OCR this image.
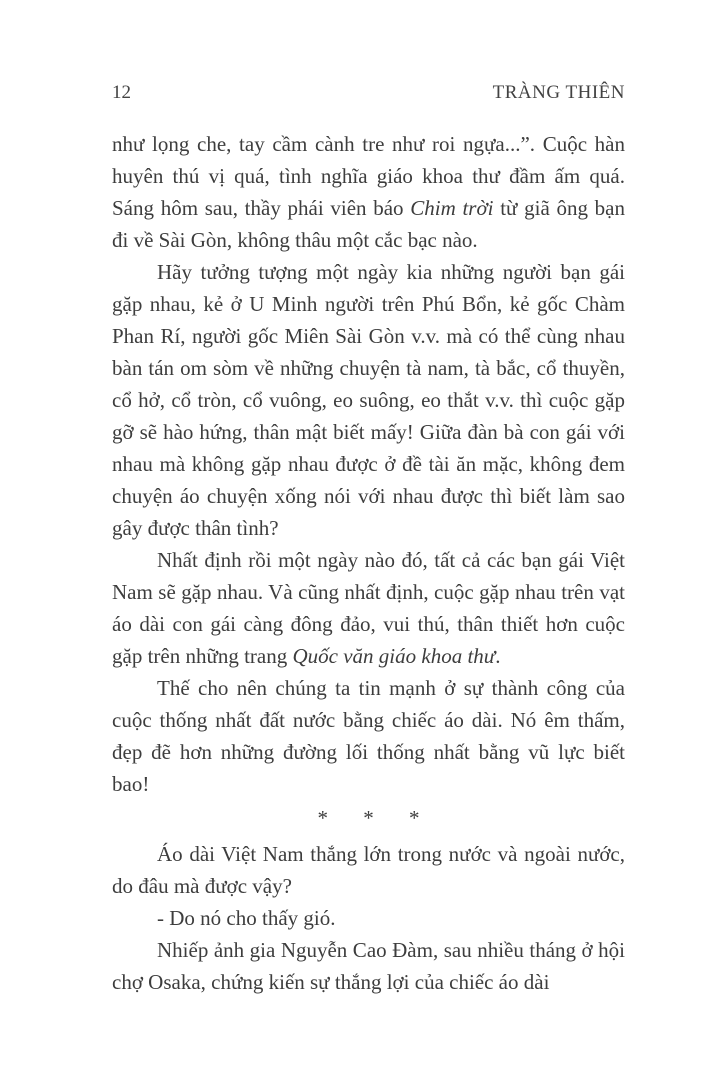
12	TRÀNG THIÊN

như lọng che, tay cầm cành tre như roi ngựa...”. Cuộc hàn huyên thú vị quá, tình nghĩa giáo khoa thư đầm ấm quá. Sáng hôm sau, thầy phái viên báo Chim trời từ giã ông bạn đi về Sài Gòn, không thâu một cắc bạc nào.

Hãy tưởng tượng một ngày kia những người bạn gái gặp nhau, kẻ ở U Minh người trên Phú Bổn, kẻ gốc Chàm Phan Rí, người gốc Miên Sài Gòn v.v. mà có thể cùng nhau bàn tán om sòm về những chuyện tà nam, tà bắc, cổ thuyền, cổ hở, cổ tròn, cổ vuông, eo suông, eo thắt v.v. thì cuộc gặp gỡ sẽ hào hứng, thân mật biết mấy! Giữa đàn bà con gái với nhau mà không gặp nhau được ở đề tài ăn mặc, không đem chuyện áo chuyện xống nói với nhau được thì biết làm sao gây được thân tình?

Nhất định rồi một ngày nào đó, tất cả các bạn gái Việt Nam sẽ gặp nhau. Và cũng nhất định, cuộc gặp nhau trên vạt áo dài con gái càng đông đảo, vui thú, thân thiết hơn cuộc gặp trên những trang Quốc văn giáo khoa thư.

Thế cho nên chúng ta tin mạnh ở sự thành công của cuộc thống nhất đất nước bằng chiếc áo dài. Nó êm thấm, đẹp đẽ hơn những đường lối thống nhất bằng vũ lực biết bao!

* * *

Áo dài Việt Nam thắng lớn trong nước và ngoài nước, do đâu mà được vậy?

- Do nó cho thấy gió.

Nhiếp ảnh gia Nguyễn Cao Đàm, sau nhiều tháng ở hội chợ Osaka, chứng kiến sự thắng lợi của chiếc áo dài
